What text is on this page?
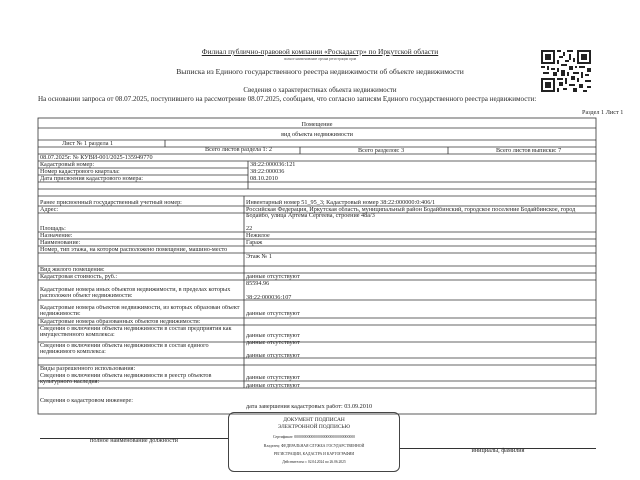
Филиал публично-правовой компании «Роскадастр» по Иркутской области
полное наименование органа регистрации прав
Выписка из Единого государственного реестра недвижимости об объекте недвижимости
Сведения о характеристиках объекта недвижимости
На основании запроса от 08.07.2025, поступившего на рассмотрение 08.07.2025, сообщаем, что согласно записям Единого государственного реестра недвижимости:
Раздел 1 Лист 1
Помещение
вид объекта недвижимости
Лист № 1 раздела 1
Всего листов раздела 1: 2	Всего разделов: 3	Всего листов выписки: 7
08.07.2025г. № КУВИ-001/2025-135949770
Кадастровый номер:	38:22:000036:121
Номер кадастрового квартала:	38:22:000036
Дата присвоения кадастрового номера:	08.10.2010
Ранее присвоенный государственный учетный номер:	Инвентарный номер 51_95_3; Кадастровый номер 38:22:000000:0:406/1
Адрес:	Российская Федерация, Иркутская область, муниципальный район Бодайбинский, городское поселение Бодайбинское, город Бодайбо, улица Артема Сергеева, строение 48а/3
Площадь:	22
Назначение:	Нежилое
Наименование:	Гараж
Номер, тип этажа, на котором расположено помещение, машино-место
Этаж № 1
Вид жилого помещения:
данные отсутствуют
Кадастровая стоимость, руб.:
85594.96
Кадастровые номера иных объектов недвижимости, в пределах которых расположен объект недвижимости:	38:22:000036:107
Кадастровые номера объектов недвижимости, из которых образован объект недвижимости:	данные отсутствуют
Кадастровые номера образованных объектов недвижимости:
данные отсутствуют
Сведения о включении объекта недвижимости в состав предприятия как имущественного комплекса:
данные отсутствуют
Сведения о включении объекта недвижимости в состав единого недвижимого комплекса:
данные отсутствуют
Виды разрешенного использования:
данные отсутствуют
Сведения о включении объекта недвижимости в реестр объектов культурного наследия:
данные отсутствуют
Сведения о кадастровом инженере:
дата завершения кадастровых работ: 03.09.2010
полное наименование должности
инициалы, фамилия
ДОКУМЕНТ ПОДПИСАН
ЭЛЕКТРОННОЙ ПОДПИСЬЮ
Сертификат: 00000000000000000000000000000000
Владелец: ФЕДЕРАЛЬНАЯ СЛУЖБА ГОСУДАРСТВЕННОЙ
РЕГИСТРАЦИИ, КАДАСТРА И КАРТОГРАФИИ
Действителен: с 02.04.2024 по 26.06.2025
